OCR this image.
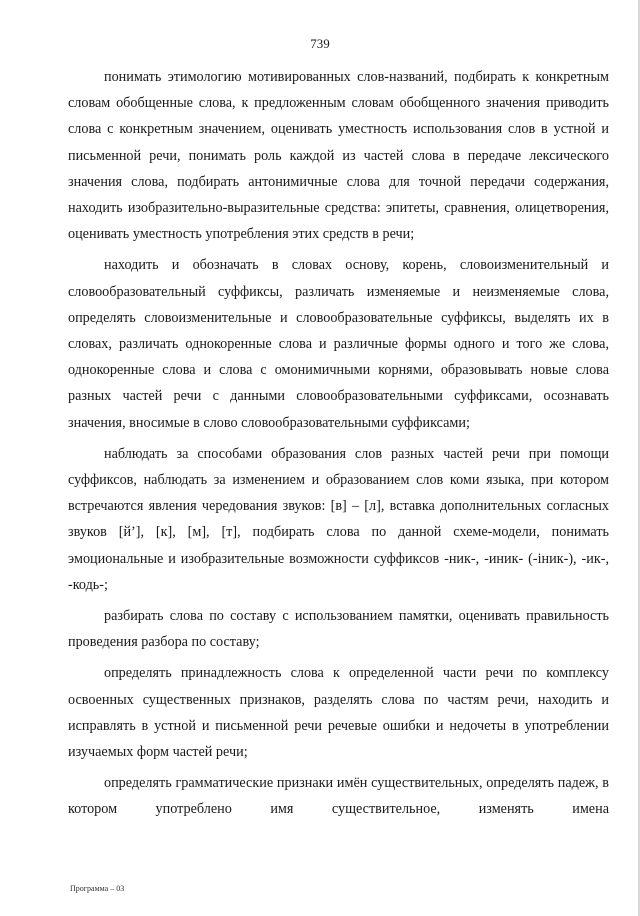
739

понимать этимологию мотивированных слов-названий, подбирать к конкретным словам обобщенные слова, к предложенным словам обобщенного значения приводить слова с конкретным значением, оценивать уместность использования слов в устной и письменной речи, понимать роль каждой из частей слова в передаче лексического значения слова, подбирать антонимичные слова для точной передачи содержания, находить изобразительно-выразительные средства: эпитеты, сравнения, олицетворения, оценивать уместность употребления этих средств в речи;

находить и обозначать в словах основу, корень, словоизменительный и словообразовательный суффиксы, различать изменяемые и неизменяемые слова, определять словоизменительные и словообразовательные суффиксы, выделять их в словах, различать однокоренные слова и различные формы одного и того же слова, однокоренные слова и слова с омонимичными корнями, образовывать новые слова разных частей речи с данными словообразовательными суффиксами, осознавать значения, вносимые в слово словообразовательными суффиксами;

наблюдать за способами образования слов разных частей речи при помощи суффиксов, наблюдать за изменением и образованием слов коми языка, при котором встречаются явления чередования звуков: [в] – [л], вставка дополнительных согласных звуков [й’], [к], [м], [т], подбирать слова по данной схеме-модели, понимать эмоциональные и изобразительные возможности суффиксов -ник-, -иник- (-iник-), -ик-, -кодь-;

разбирать слова по составу с использованием памятки, оценивать правильность проведения разбора по составу;

определять принадлежность слова к определенной части речи по комплексу освоенных существенных признаков, разделять слова по частям речи, находить и исправлять в устной и письменной речи речевые ошибки и недочеты в употреблении изучаемых форм частей речи;

определять грамматические признаки имён существительных, определять падеж, в котором употреблено имя существительное, изменять имена

Программа – 03
